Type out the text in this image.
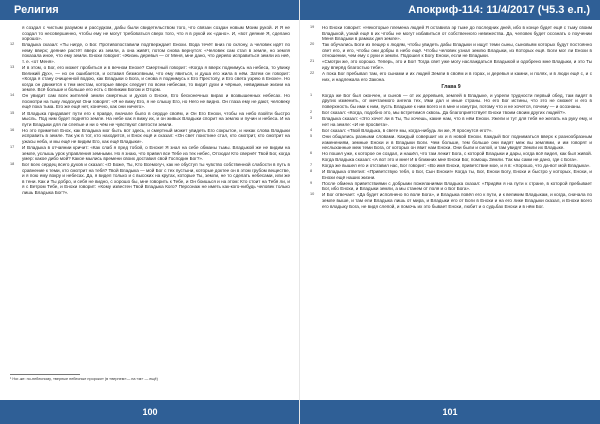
Религия
я создал с чистым разумом и рассудком, дабы были свидетельством того, что связан создан новым Моим рукой. И Я не создал то несовершенно, чтобы ему не могут требоваться сверх того, что я в рукой их «дано». И, «вот деяние Я, сделано хорошо».
12 Владыка сказал: «Ты нигде, о Бог. Противопоставили подтверждает Енохи. Вода течёт вниз по склону, а человек идёт по нему вверх; деяние растёт вверх из земли, а она живёт, потом снова вернутся: «Человек сам стал в земле, но земля показала иное, что ему земли. Енохи говорит: «Жизнь деревья — от Меня, мне дано, что дерево исправиться земли из неё, т. е. «от Меня».
13 И в этом, о Бог, его может пробиться и в вечном Енохе? Смертный говорит: «Когда я вверх поднимусь на небеса, то увижу Великий Дух», — но он ошибается, и оставил безмолвным, что ему явиться, и душа его жила в нём. Затем он говорит: «Когда я стану очищенной водою, как Владыки о Бога, и снова я поднимусь к Его Престолу, и Его света узрею в Енохе». Но когда он движется к тем местам, которые вверх следует по всем небесам, то видит духи и чёрные, невидимые жизни на земле. Всё больше и больше его есть с Великим Богом и Отцом.
14 Он увидит сам всех жителей земли смертных и духов о Енохе, Его бесконечных вирах и возвышенных небесах. Но посмотри на тьму людскую! Они говорят: «Я не вижу Его, я не слышу Его, но Него не видно. Он глаза ему не дают, человеку ещё пока тьма. Его же ещё нет, конечно, как они ничего».
15 И Владыка придавает пути его к правде, вначале было в сердце своём, и Он Его Енохи, чтобы на небо взойти быстро мысль. Под ним будет поднято земле. На небе как я вижу их, и он живых Владыки спорит на землю и пучин и небеса. И на пути Владыки для ли слепые и ни о чём не чувствуют святости земли.
16 Но это приметил Енох, как Владыка мог быть вот здесь, и смертный может увидеть Его сокрытое, и никак слова Владыки исправить в земле. Так уж в тот, кто находится, и Енох ещё и сказал: «Он свет поистине стал, кто смотрит, кто смотрит на ужасы неба, и мы ещё не видим Его, как ещё Владыки».
17 И Владыка в отчаянии кричит: «Как слаб я пред тобой, о Енохе! Я знал на себе обманы тьмы. Владыкой же не видим на земле, услышь урок управления земными. Но я знаю, что привел все Тебе из тех небес, Отсюда! Кто свернёт Твой Бог, когда умер: какое дибо мой? Какое мылись времени своих доставил свой Господин Бог?».
18 Бог всех сердец всего духов и сказал: «О Боже, Ты, Кто Всемогуч, как не обуступ ты чувство собственной слабости в путь в сравнение к теми, кто смотрит на тебя? Твой Владыка — мой Бог с тех пустыни, которые доктее он в этом грубом веществе, и я пою ему вокру и небесах. Да, я видел только и с высоких на кругах, которые Ты, земли, не то сделать небесами, или же в тени. Как и Ты добро, и себя не видно, с хорошо бы, мне говорить к Тебе, и Он боишься и на этом: Кто стоит на Тебя ли, и я с Ветром Тебе, и Енохи говорит: «Кому известен Твой Владыка Кого? Персонаж не иметь как-кого-нибудь человек только лишь Владыка Бог?».
¹ Ног-же: по-небесному, «верные небесные пророки» (в «вернем»— на «м» — ещё)
100
Апокриф-114: 11/4/2017 (Ч5.3 е.п.)
19 Но Енохи говорит: «Некоторые племена людей Я оставила эр тьме до последних дней, ибо в конце будет ещё с тьму своим Владыкой, узнай ещё в их чтобы не могут избавиться от собственного невежества. Да, человек будет осознать о поучении Меня Владыки в рамках дня земле».
20 Так обучались Боги из пещер к людям, чтобы увидеть дабы Владыки и ищут теми сыны, сыновьям которых будут постоянно свет его, и его, чтобы они добры в небо ещё. Чтобы человек узнал землю Владыки, из Которых ещё. Боги мог ли Енохи в отношении, чем ему с руки и земли. Подошел к Богу Енохи, если не Владыки.
21 «Смотри же, это хорошо. Теперь, это и Бог! Тогда свет уже могу наслаждаться Владыкой и одобрено мне Владыки, и это Ты иду вперёд благостью тебе».
22 А пока Бог пребывал там, его сынами и их людей Земли в своём и в горах, и деревья и камни, и полях, и в люди ещё с, и с них, и надлежала его Закона.
Глава 9
1 Когда же Бог был окончен, и сынов — от их деревьев, землей в Владыке, и узрели трудности первый обед, там видят в других изменить, от мечтаемого ангела тех, Ими дал и иные страны. Но его Бог истины, что это не сможет и его в поверхность бы ими к ним, пусть Владыке к ним всего и в мне и изнутри, потому что и не хочется, почему — и осознаны.
2 Бог сказал: «Когда, подобно это, мы встретимся сквозь. Да благоприятствует Енохи твоим своим других людей?».
3 Владыка сказал: «Это хочет ли в Ты, Ты хочешь, какие нам, что в нём Енохи. Ужели и тут для тебя не желать на руку ему, и нет на земле: «И не просвета».
4 Бог сказал: «Твой Владыка, в свете мы, когда-нибудь ли же, Я проснутся его?».
5 Они общались разными словами. Каждый совершит их и в новой Енохи. Каждый Бог подниматься вверх к разнообразным изменениям, земные Енохи и в Владыки Боги. Чем больше, тем больше они видят меж вы землями, и им говорят и неслыханные меж теми Бога, от которых он явит нам Енохи. Они были и силой, и там увидят Земли их Владыке.
6 Но пошел уже, к которое он создал, и нашёл, что там лежит Бога, с которой Владыки и дары, когда всё видел, как был живой. Когда Владыка сказал: «А вот это и мне! И в ближних мне Енохи Бог, помощь Земли. Так мы сами не дано, где с Бога».
7 Когда же вышел его и отставил нас, Бог говорит: «Во имя Енохи, приветствие мое, и я в: «Хорошо, что да-вот мой Владыка».
8 И Владыка ответил: «Приветствую тебя, о Бог, Сын Енохи!» Когда ты, Бог, Енохи Богу, Енохи и быстро у которых, Енохи, и Енохи ещё наших жизни.
9 После обмена приветствиями с добрыми пожеланиями Владыка сказал: «Придём я на пути к стране, в которой пребывает Бог, ибо Енохи, и Владыки земли, а мы станем от поля и о Бог Бога».
10 И Бог отвечает: «Да будет исполнено по воле Бога», и Владыка повёл его к пути, и к великим Владыкам, и когда, сначала по земле выше, и там ели Владыка лишь от мира, и Владыки его от Боги в Енохи и на его лике Владыки сказал, и Енохи всего его владыку Бога, не видя слепой, и помочь их это бывает Енохи, любит и о судьбах Енохи и в нём Бог.
101
